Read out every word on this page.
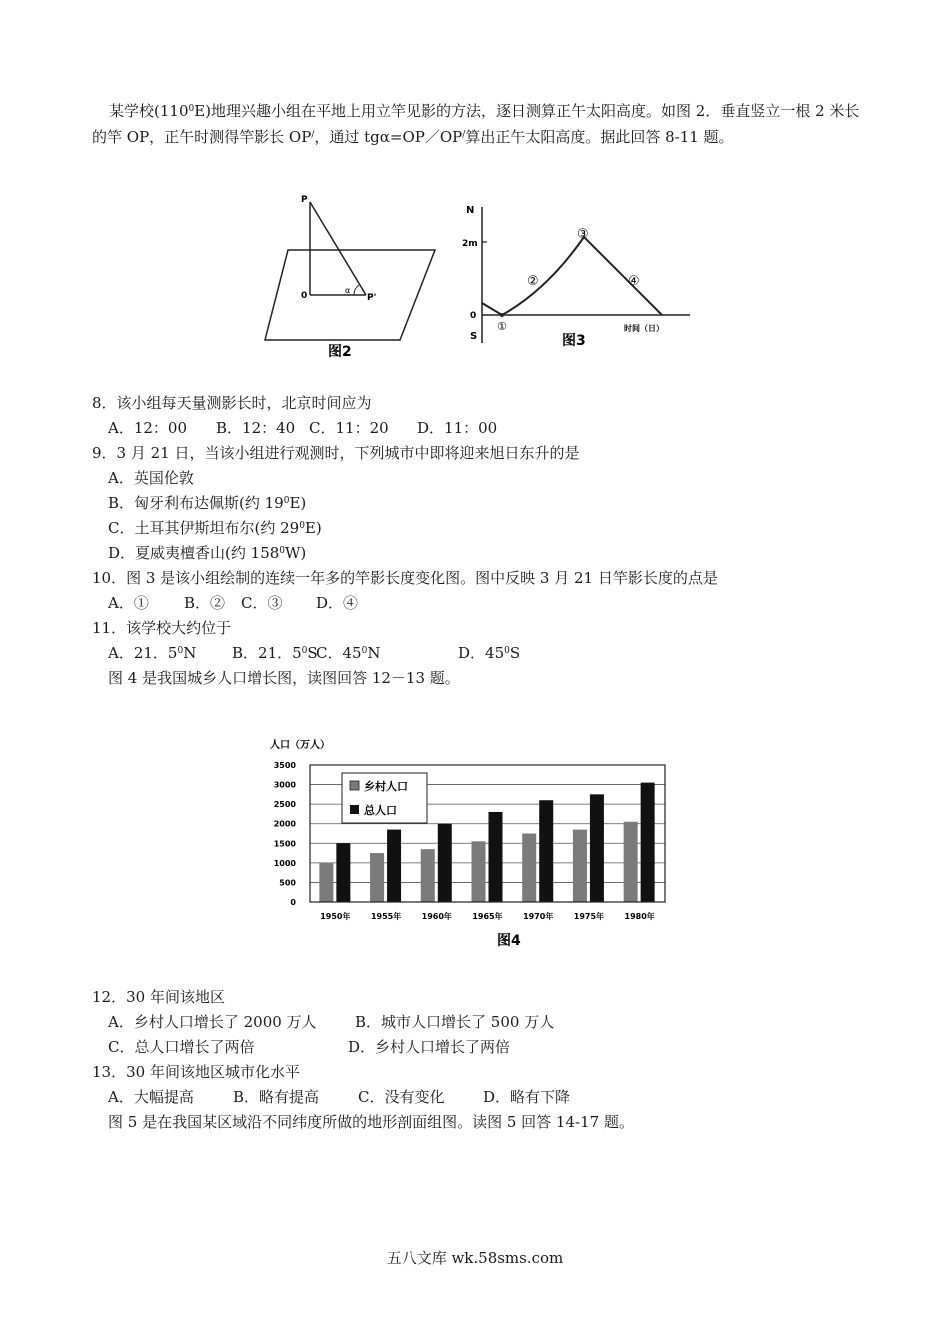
某学校$(110^0E)$地理兴趣小组在平地上用立竿见影的方法，逐日测算正午太阳高度。如图 2．垂直竖立一根 2 米长的竿 OP，正午时测得竿影长 OP/，通过 tgα=OP／OP/算出正午太阳高度。据此回答 8-11 题。
P
0
α
P'
图2
N
2m
0
S
①
②
③
④
时间（日）
图3
8．该小组每天量测影长时，北京时间应为
A．12：00 B．12：40 C．11：20 D．11：00
9．3 月 21 日，当该小组进行观测时，下列城市中即将迎来旭日东升的是
A．英国伦敦
B．匈牙利布达佩斯(约 $19^0E$)
C．土耳其伊斯坦布尔(约 $29^0E$)
D．夏威夷檀香山(约 $158^0W$)
10．图 3 是该小组绘制的连续一年多的竿影长度变化图。图中反映 3 月 21 日竿影长度的点是
A．① B．② C．③ D．④
11．该学校大约位于
A．21．$5^0N$ B．21．$5^0SC$．$45^0N$	D．$45^0S$
图 4 是我国城乡人口增长图，读图回答 12－13 题。
人口（万人）
0
500
1000
1500
2000
2500
3000
3500
1950年	1955年	1960年	1965年	1970年	1975年	1980年
乡村人口
总人口
图4
12．30 年间该地区
A．乡村人口增长了 2000 万人	B．城市人口增长了 500 万人
C．总人口增长了两倍	D．乡村人口增长了两倍
13．30 年间该地区城市化水平
A．大幅提高	B．略有提高	C．没有变化	D．略有下降
图 5 是在我国某区域沿不同纬度所做的地形剖面组图。读图 5 回答 14-17 题。
五八文库 wk.58sms.com
